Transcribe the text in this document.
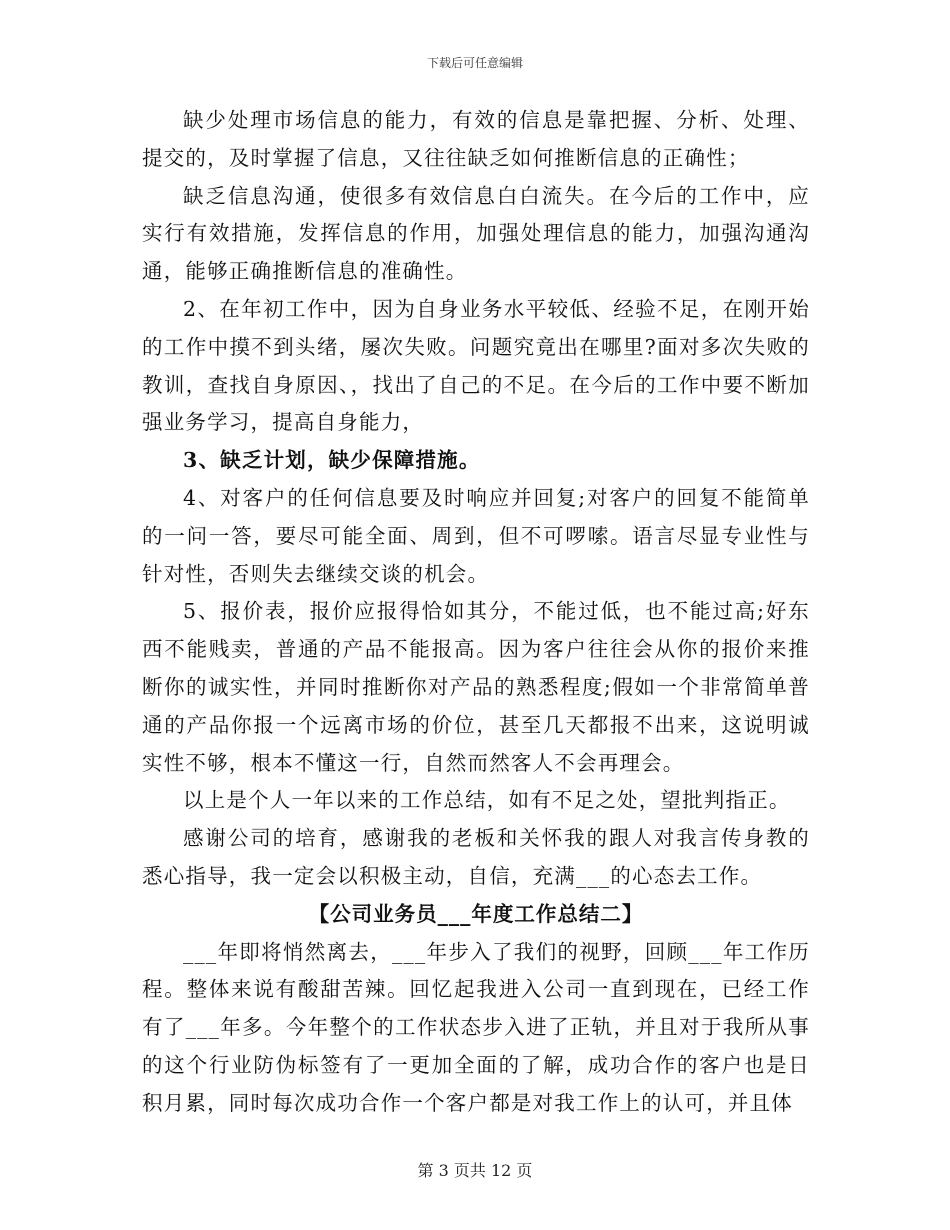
下载后可任意编辑

缺少处理市场信息的能力，有效的信息是靠把握、分析、处理、提交的，及时掌握了信息，又往往缺乏如何推断信息的正确性；

缺乏信息沟通，使很多有效信息白白流失。在今后的工作中，应实行有效措施，发挥信息的作用，加强处理信息的能力，加强沟通沟通，能够正确推断信息的准确性。

2、在年初工作中，因为自身业务水平较低、经验不足，在刚开始的工作中摸不到头绪，屡次失败。问题究竟出在哪里?面对多次失败的教训，查找自身原因、，找出了自己的不足。在今后的工作中要不断加强业务学习，提高自身能力，

3、缺乏计划，缺少保障措施。

4、对客户的任何信息要及时响应并回复;对客户的回复不能简单的一问一答，要尽可能全面、周到，但不可啰嗦。语言尽显专业性与针对性，否则失去继续交谈的机会。

5、报价表，报价应报得恰如其分，不能过低，也不能过高;好东西不能贱卖，普通的产品不能报高。因为客户往往会从你的报价来推断你的诚实性，并同时推断你对产品的熟悉程度;假如一个非常简单普通的产品你报一个远离市场的价位，甚至几天都报不出来，这说明诚实性不够，根本不懂这一行，自然而然客人不会再理会。

以上是个人一年以来的工作总结，如有不足之处，望批判指正。

感谢公司的培育，感谢我的老板和关怀我的跟人对我言传身教的悉心指导，我一定会以积极主动，自信，充满___的心态去工作。

【公司业务员___年度工作总结二】

___年即将悄然离去，___年步入了我们的视野，回顾___年工作历程。整体来说有酸甜苦辣。回忆起我进入公司一直到现在，已经工作有了___年多。今年整个的工作状态步入进了正轨，并且对于我所从事的这个行业防伪标签有了一更加全面的了解，成功合作的客户也是日积月累，同时每次成功合作一个客户都是对我工作上的认可，并且体

第 3 页共 12 页
